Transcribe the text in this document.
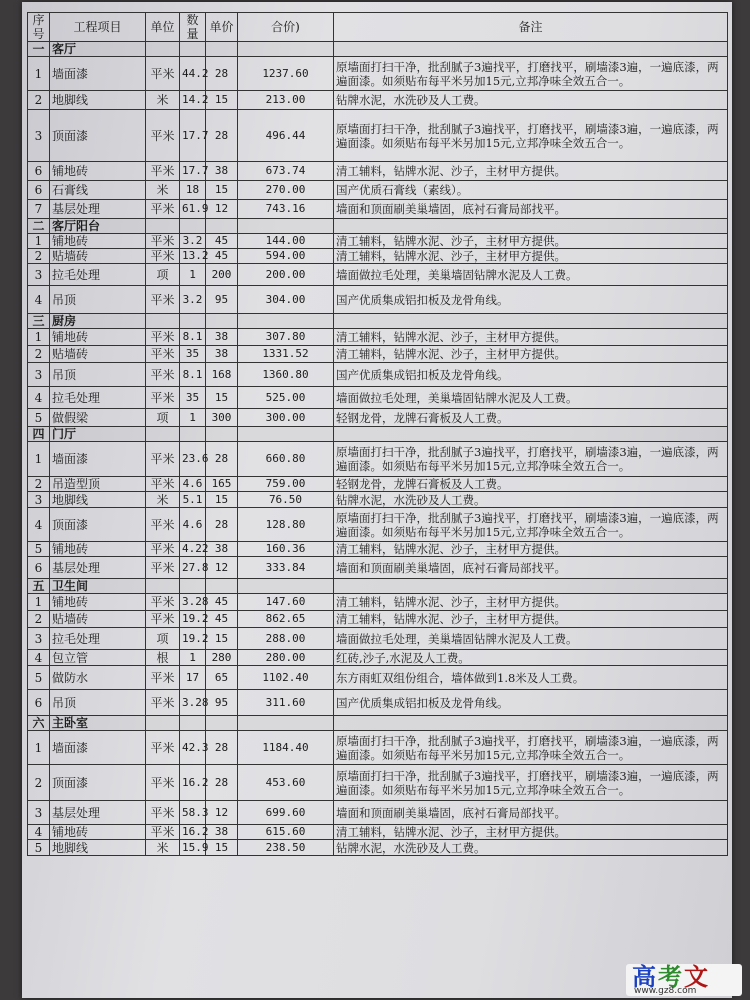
序号	工程项目	单位	数量	单价	合价)	备注
一	客厅					
1	墙面漆	平米	44.2	28	1237.60	原墙面打扫干净，批刮腻子3遍找平，打磨找平，刷墙漆3遍，一遍底漆，两遍面漆。如须贴布每平米另加15元,立邦净味全效五合一。
2	地脚线	米	14.2	15	213.00	钻牌水泥，水洗砂及人工费。
3	顶面漆	平米	17.7	28	496.44	原墙面打扫干净，批刮腻子3遍找平，打磨找平，刷墙漆3遍，一遍底漆，两遍面漆。如须贴布每平米另加15元,立邦净味全效五合一。
6	铺地砖	平米	17.7	38	673.74	清工辅料，钻牌水泥、沙子，主材甲方提供。
6	石膏线	米	18	15	270.00	国产优质石膏线（素线）。
7	基层处理	平米	61.9	12	743.16	墙面和顶面刷美巢墙固，底衬石膏局部找平。
二	客厅阳台					
1	铺地砖	平米	3.2	45	144.00	清工辅料，钻牌水泥、沙子，主材甲方提供。
2	贴墙砖	平米	13.2	45	594.00	清工辅料，钻牌水泥、沙子，主材甲方提供。
3	拉毛处理	项	1	200	200.00	墙面做拉毛处理，美巢墙固钻牌水泥及人工费。
4	吊顶	平米	3.2	95	304.00	国产优质集成铝扣板及龙骨角线。
三	厨房					
1	铺地砖	平米	8.1	38	307.80	清工辅料，钻牌水泥、沙子，主材甲方提供。
2	贴墙砖	平米	35	38	1331.52	清工辅料，钻牌水泥、沙子，主材甲方提供。
3	吊顶	平米	8.1	168	1360.80	国产优质集成铝扣板及龙骨角线。
4	拉毛处理	平米	35	15	525.00	墙面做拉毛处理，美巢墙固钻牌水泥及人工费。
5	做假梁	项	1	300	300.00	轻钢龙骨，龙牌石膏板及人工费。
四	门厅					
1	墙面漆	平米	23.6	28	660.80	原墙面打扫干净，批刮腻子3遍找平，打磨找平，刷墙漆3遍，一遍底漆，两遍面漆。如须贴布每平米另加15元,立邦净味全效五合一。
2	吊造型顶	平米	4.6	165	759.00	轻钢龙骨，龙牌石膏板及人工费。
3	地脚线	米	5.1	15	76.50	钻牌水泥，水洗砂及人工费。
4	顶面漆	平米	4.6	28	128.80	原墙面打扫干净，批刮腻子3遍找平，打磨找平，刷墙漆3遍，一遍底漆，两遍面漆。如须贴布每平米另加15元,立邦净味全效五合一。
5	铺地砖	平米	4.22	38	160.36	清工辅料，钻牌水泥、沙子，主材甲方提供。
6	基层处理	平米	27.8	12	333.84	墙面和顶面刷美巢墙固，底衬石膏局部找平。
五	卫生间					
1	铺地砖	平米	3.28	45	147.60	清工辅料，钻牌水泥、沙子，主材甲方提供。
2	贴墙砖	平米	19.2	45	862.65	清工辅料，钻牌水泥、沙子，主材甲方提供。
3	拉毛处理	项	19.2	15	288.00	墙面做拉毛处理，美巢墙固钻牌水泥及人工费。
4	包立管	根	1	280	280.00	红砖,沙子,水泥及人工费。
5	做防水	平米	17	65	1102.40	东方雨虹双组份组合，墙体做到1.8米及人工费。
6	吊顶	平米	3.28	95	311.60	国产优质集成铝扣板及龙骨角线。
六	主卧室					
1	墙面漆	平米	42.3	28	1184.40	原墙面打扫干净，批刮腻子3遍找平，打磨找平，刷墙漆3遍，一遍底漆，两遍面漆。如须贴布每平米另加15元,立邦净味全效五合一。
2	顶面漆	平米	16.2	28	453.60	原墙面打扫干净，批刮腻子3遍找平，打磨找平，刷墙漆3遍，一遍底漆，两遍面漆。如须贴布每平米另加15元,立邦净味全效五合一。
3	基层处理	平米	58.3	12	699.60	墙面和顶面刷美巢墙固，底衬石膏局部找平。
4	铺地砖	平米	16.2	38	615.60	清工辅料，钻牌水泥、沙子，主材甲方提供。
5	地脚线	米	15.9	15	238.50	钻牌水泥，水洗砂及人工费。
高考文
www.gz8.com
